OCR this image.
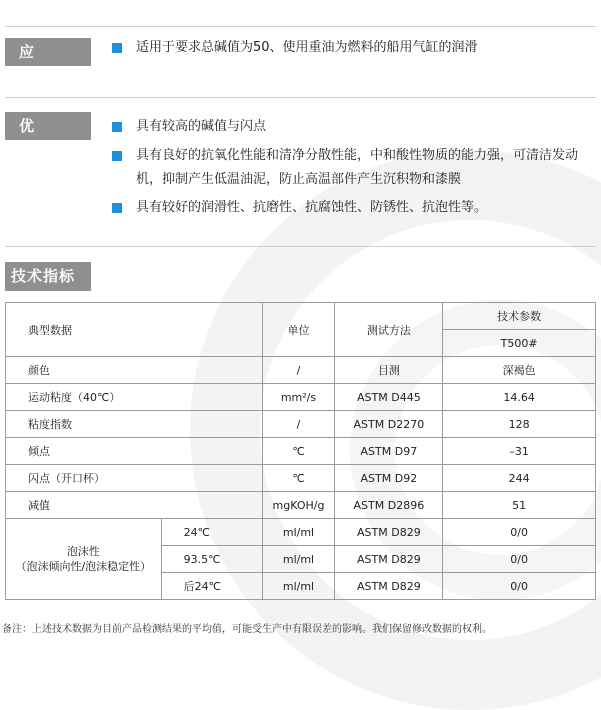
应 用
适用于要求总碱值为50、使用重油为燃料的船用气缸的润滑
优 势
具有较高的碱值与闪点
具有良好的抗氧化性能和清净分散性能，中和酸性物质的能力强，可清洁发动机，抑制产生低温油泥，防止高温部件产生沉积物和漆膜
具有较好的润滑性、抗磨性、抗腐蚀性、防锈性、抗泡性等。
技术指标
典型数据		单位	测试方法	技术参数
				T500#
颜色		/	目测	深褐色
运动粘度（40℃）		mm²/s	ASTM D445	14.64
粘度指数		/	ASTM D2270	128
倾点		℃	ASTM D97	–31
闪点（开口杯）		℃	ASTM D92	244
减值		mgKOH/g	ASTM D2896	51

泡沫性
（泡沫倾向性/泡沫稳定性）	24℃	ml/ml	ASTM D829	0/0
	93.5℃	ml/ml	ASTM D829	0/0
	后24℃	ml/ml	ASTM D829	0/0
备注：上述技术数据为目前产品检测结果的平均值，可能受生产中有限误差的影响。我们保留修改数据的权利。
